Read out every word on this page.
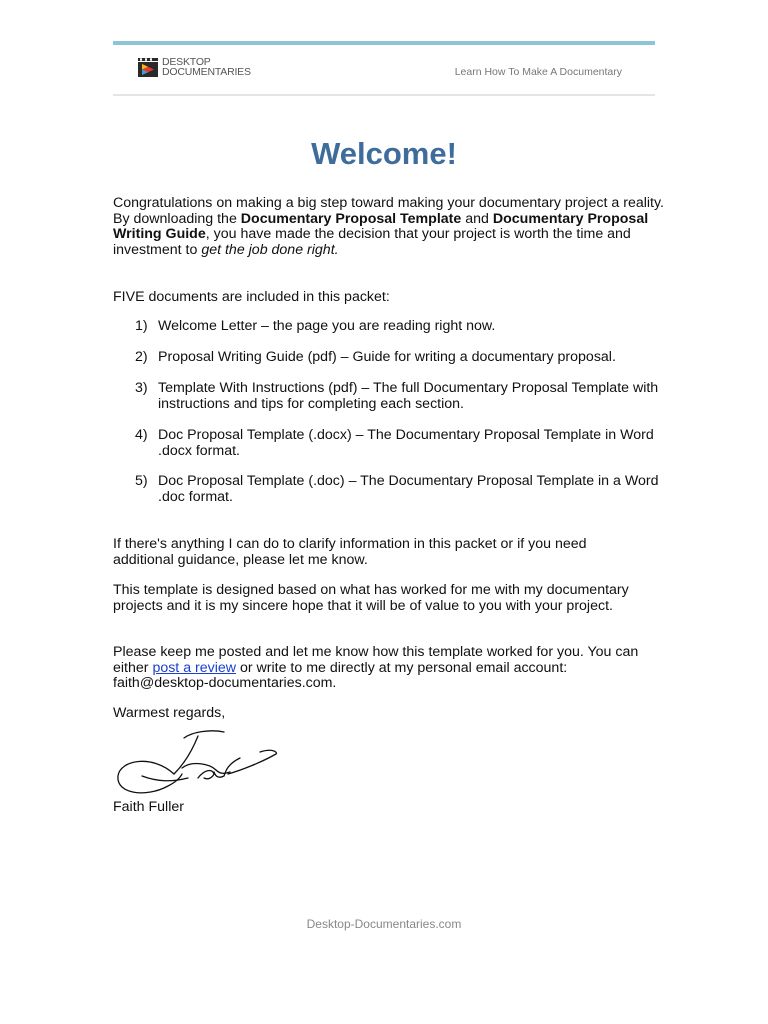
DESKTOP
DOCUMENTARIES	Learn How To Make A Documentary
Welcome!

Congratulations on making a big step toward making your documentary project a reality. By downloading the Documentary Proposal Template and Documentary Proposal Writing Guide, you have made the decision that your project is worth the time and investment to get the job done right.

FIVE documents are included in this packet:

1) Welcome Letter – the page you are reading right now.
2) Proposal Writing Guide (pdf) – Guide for writing a documentary proposal.
3) Template With Instructions (pdf) – The full Documentary Proposal Template with instructions and tips for completing each section.
4) Doc Proposal Template (.docx) – The Documentary Proposal Template in Word .docx format.
5) Doc Proposal Template (.doc) – The Documentary Proposal Template in a Word .doc format.

If there's anything I can do to clarify information in this packet or if you need additional guidance, please let me know.

This template is designed based on what has worked for me with my documentary projects and it is my sincere hope that it will be of value to you with your project.

Please keep me posted and let me know how this template worked for you. You can either post a review or write to me directly at my personal email account: faith@desktop-documentaries.com.

Warmest regards,

Faith Fuller

Desktop-Documentaries.com
